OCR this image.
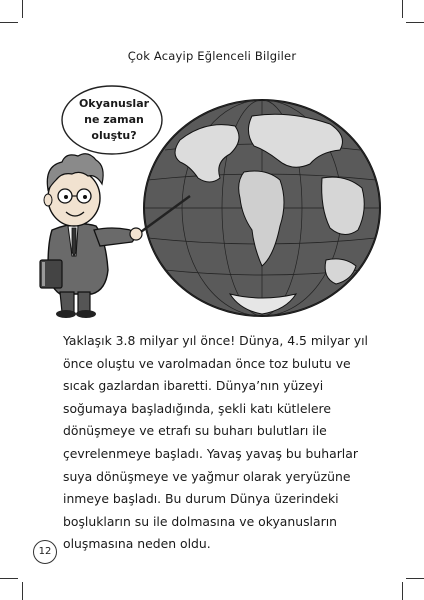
Çok Acayip Eğlenceli Bilgiler
Okyanuslar ne zaman oluştu?
Yaklaşık 3.8 milyar yıl önce! Dünya, 4.5 milyar yıl önce oluştu ve varolmadan önce toz bulutu ve sıcak gazlardan ibaretti. Dünya’nın yüzeyi soğumaya başladığında, şekli katı kütlelere dönüşmeye ve etrafı su buharı bulutları ile çevrelenmeye başladı. Yavaş yavaş bu buharlar suya dönüşmeye ve yağmur olarak yeryüzüne inmeye başladı. Bu durum Dünya üzerindeki boşlukların su ile dolmasına ve okyanusların oluşmasına neden oldu.
12
